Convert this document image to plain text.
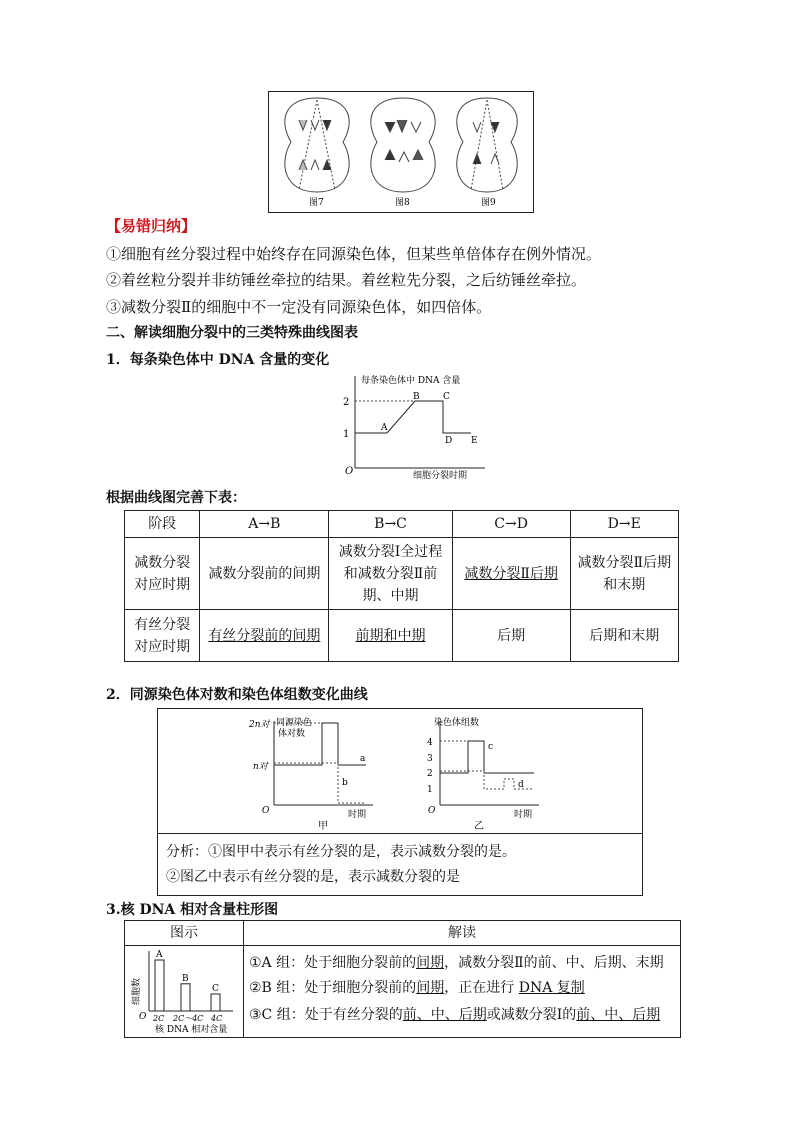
图7	图8	图9
【易错归纳】
①细胞有丝分裂过程中始终存在同源染色体，但某些单倍体存在例外情况。
②着丝粒分裂并非纺锤丝牵拉的结果。着丝粒先分裂，之后纺锤丝牵拉。
③减数分裂Ⅱ的细胞中不一定没有同源染色体，如四倍体。
二、解读细胞分裂中的三类特殊曲线图表
1．每条染色体中 DNA 含量的变化
每条染色体中 DNA 含量
2
1
O
A
B	C
D E
细胞分裂时期
根据曲线图完善下表：
阶段	A→B	B→C	C→D	D→E
减数分裂对应时期	减数分裂前的间期	减数分裂Ⅰ全过程和减数分裂Ⅱ前期、中期	减数分裂Ⅱ后期	减数分裂Ⅱ后期和末期
有丝分裂对应时期	有丝分裂前的间期	前期和中期	后期	后期和末期
2．同源染色体对数和染色体组数变化曲线
2n对
n对
同源染色
体对数
a
b
O	时期
甲
染色体组数
4
3
2
1
c
d
O	时期
乙
分析：①图甲中表示有丝分裂的是，表示减数分裂的是。
②图乙中表示有丝分裂的是，表示减数分裂的是
3.核 DNA 相对含量柱形图
图示	解读
细胞数
O
A
B
C
2C 2C～4C 4C
核 DNA 相对含量
①A 组：处于细胞分裂前的间期，减数分裂Ⅱ的前、中、后期、末期
②B 组：处于细胞分裂前的间期，正在进行 DNA 复制
③C 组：处于有丝分裂的前、中、后期或减数分裂Ⅰ的前、中、后期
